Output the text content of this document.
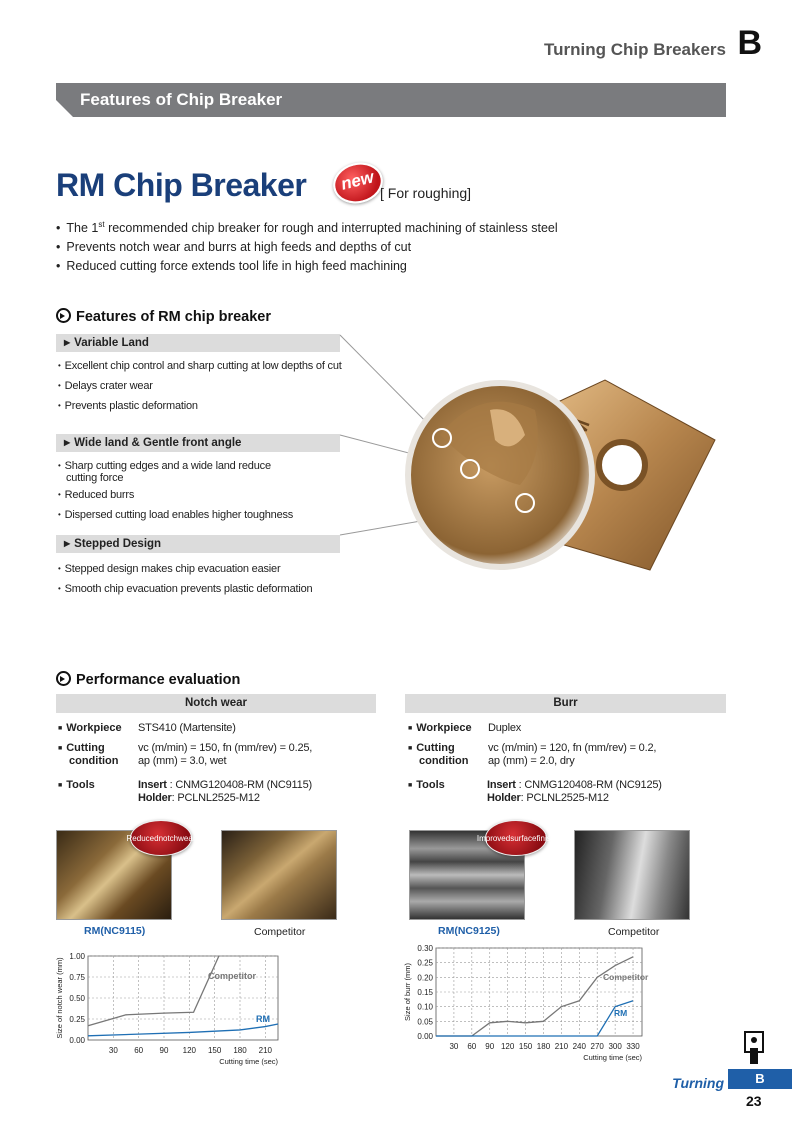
Turning Chip Breakers B
Features of Chip Breaker
RM Chip Breaker	new [ For roughing]
• The 1st recommended chip breaker for rough and interrupted machining of stainless steel
• Prevents notch wear and burrs at high feeds and depths of cut
• Reduced cutting force extends tool life in high feed machining
Features of RM chip breaker
▶ Variable Land
• Excellent chip control and sharp cutting at low depths of cut
• Delays crater wear
• Prevents plastic deformation
▶ Wide land & Gentle front angle
• Sharp cutting edges and a wide land reduce
cutting force
• Reduced burrs
• Dispersed cutting load enables higher toughness
▶ Stepped Design
• Stepped design makes chip evacuation easier
• Smooth chip evacuation prevents plastic deformation
Performance evaluation
Notch wear	Burr
■ Workpiece STS410 (Martensite)
■ Cutting
condition
vc (m/min) = 150, fn (mm/rev) = 0.25,
ap (mm) = 3.0, wet
■ Tools	Insert : CNMG120408-RM (NC9115)
Holder: PCLNL2525-M12
■ Workpiece Duplex
■ Cutting
condition
vc (m/min) = 120, fn (mm/rev) = 0.2,
ap (mm) = 2.0, dry
■ Tools	Insert : CNMG120408-RM (NC9125)
Holder: PCLNL2525-M12
Reduced notch wear
RM(NC9115)	Competitor
Improved surface finish
RM(NC9125)	Competitor
0.00
0.25
0.50
0.75
1.00
30 60 90 120 150 180 210
Cutting time (sec)
Size of notch wear (mm)	Competitor
RM
0.00
0.05
0.10
0.15
0.20
0.25
0.30
30 60 90 120 150 180 210 240 270 300 330
Cutting time (sec)
Size of burr (mm)	Competitor
RM
Turning	B
23
